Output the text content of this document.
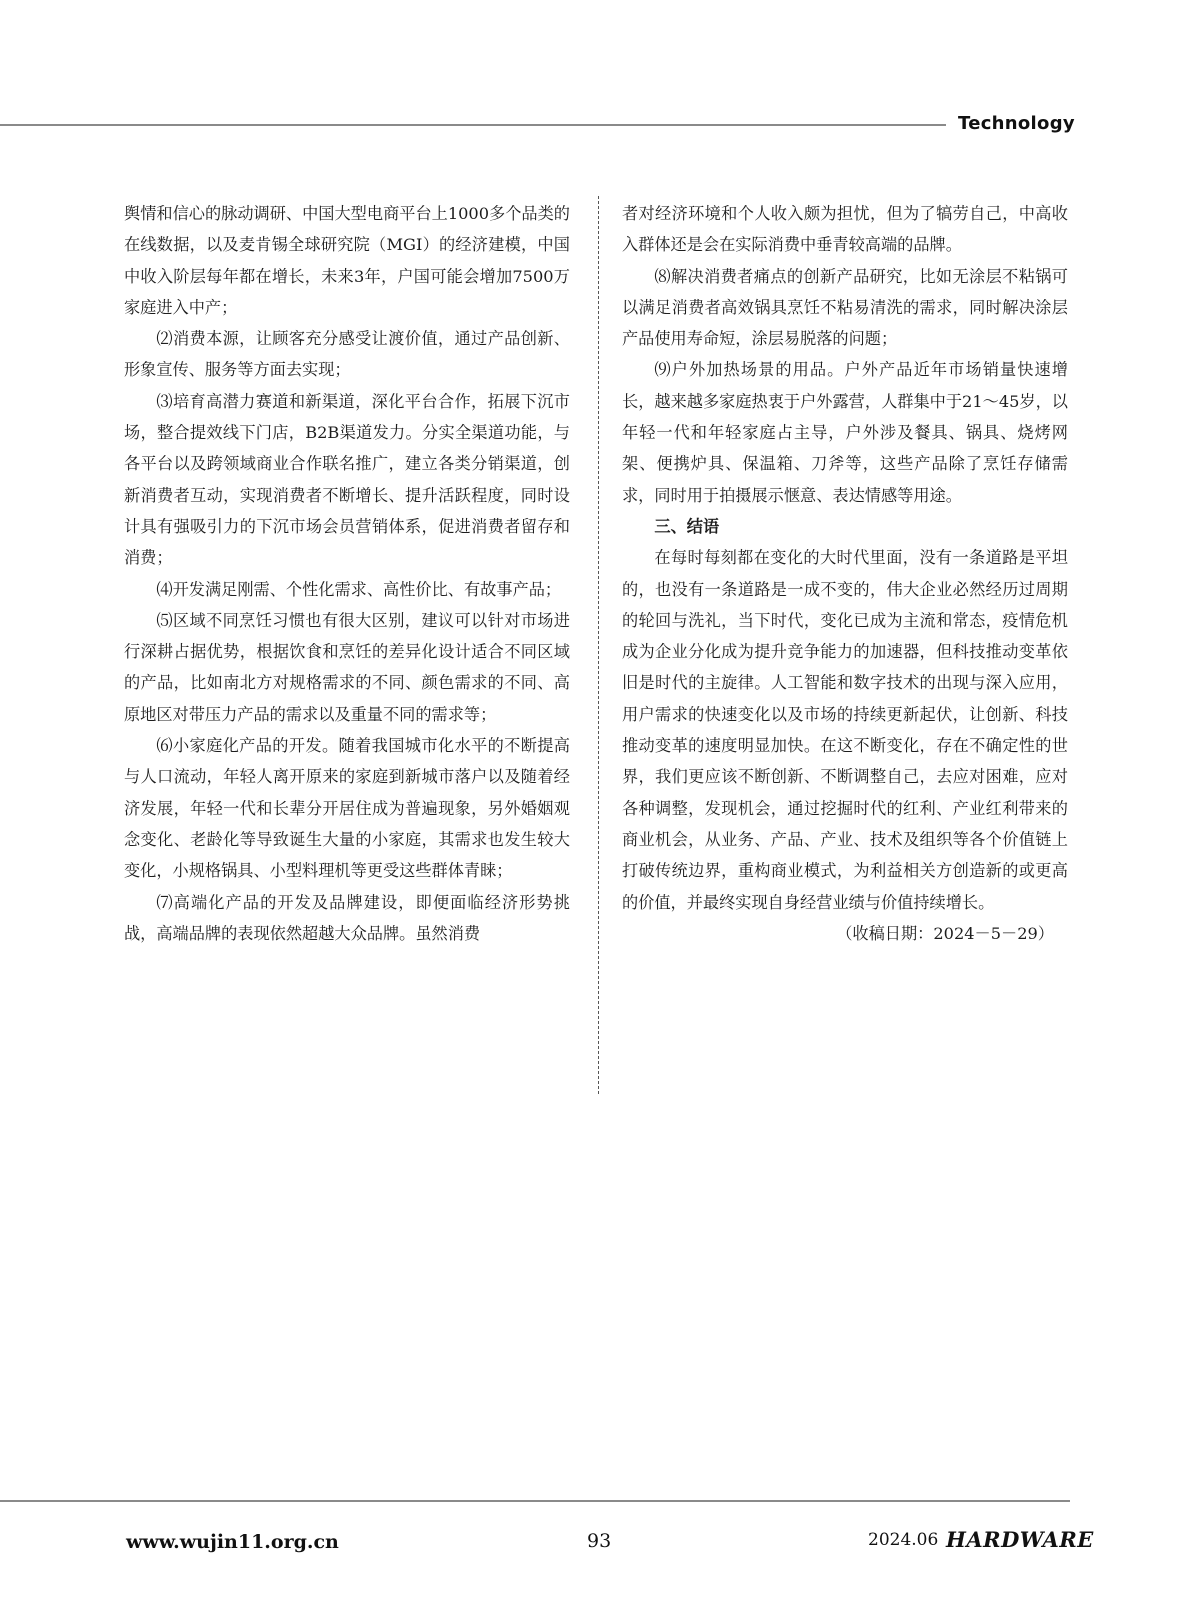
Technology

舆情和信心的脉动调研、中国大型电商平台上1000多个品类的在线数据，以及麦肯锡全球研究院（MGI）的经济建模，中国中收入阶层每年都在增长，未来3年，户国可能会增加7500万家庭进入中产；

⑵消费本源，让顾客充分感受让渡价值，通过产品创新、形象宣传、服务等方面去实现；

⑶培育高潜力赛道和新渠道，深化平台合作，拓展下沉市场，整合提效线下门店，B2B渠道发力。分实全渠道功能，与各平台以及跨领域商业合作联名推广，建立各类分销渠道，创新消费者互动，实现消费者不断增长、提升活跃程度，同时设计具有强吸引力的下沉市场会员营销体系，促进消费者留存和消费；

⑷开发满足刚需、个性化需求、高性价比、有故事产品；

⑸区域不同烹饪习惯也有很大区别，建议可以针对市场进行深耕占据优势，根据饮食和烹饪的差异化设计适合不同区域的产品，比如南北方对规格需求的不同、颜色需求的不同、高原地区对带压力产品的需求以及重量不同的需求等；

⑹小家庭化产品的开发。随着我国城市化水平的不断提高与人口流动，年轻人离开原来的家庭到新城市落户以及随着经济发展，年轻一代和长辈分开居住成为普遍现象，另外婚姻观念变化、老龄化等导致诞生大量的小家庭，其需求也发生较大变化，小规格锅具、小型料理机等更受这些群体青睐；

⑺高端化产品的开发及品牌建设，即便面临经济形势挑战，高端品牌的表现依然超越大众品牌。虽然消费

者对经济环境和个人收入颇为担忧，但为了犒劳自己，中高收入群体还是会在实际消费中垂青较高端的品牌。

⑻解决消费者痛点的创新产品研究，比如无涂层不粘锅可以满足消费者高效锅具烹饪不粘易清洗的需求，同时解决涂层产品使用寿命短，涂层易脱落的问题；

⑼户外加热场景的用品。户外产品近年市场销量快速增长，越来越多家庭热衷于户外露营，人群集中于21～45岁，以年轻一代和年轻家庭占主导，户外涉及餐具、锅具、烧烤网架、便携炉具、保温箱、刀斧等，这些产品除了烹饪存储需求，同时用于拍摄展示惬意、表达情感等用途。

三、结语

在每时每刻都在变化的大时代里面，没有一条道路是平坦的，也没有一条道路是一成不变的，伟大企业必然经历过周期的轮回与洗礼，当下时代，变化已成为主流和常态，疫情危机成为企业分化成为提升竞争能力的加速器，但科技推动变革依旧是时代的主旋律。人工智能和数字技术的出现与深入应用，用户需求的快速变化以及市场的持续更新起伏，让创新、科技推动变革的速度明显加快。在这不断变化，存在不确定性的世界，我们更应该不断创新、不断调整自己，去应对困难，应对各种调整，发现机会，通过挖掘时代的红利、产业红利带来的商业机会，从业务、产品、产业、技术及组织等各个价值链上打破传统边界，重构商业模式，为利益相关方创造新的或更高的价值，并最终实现自身经营业绩与价值持续增长。

（收稿日期：2024－5－29）

www.wujin11.org.cn	93	2024.06 HARDWARE
